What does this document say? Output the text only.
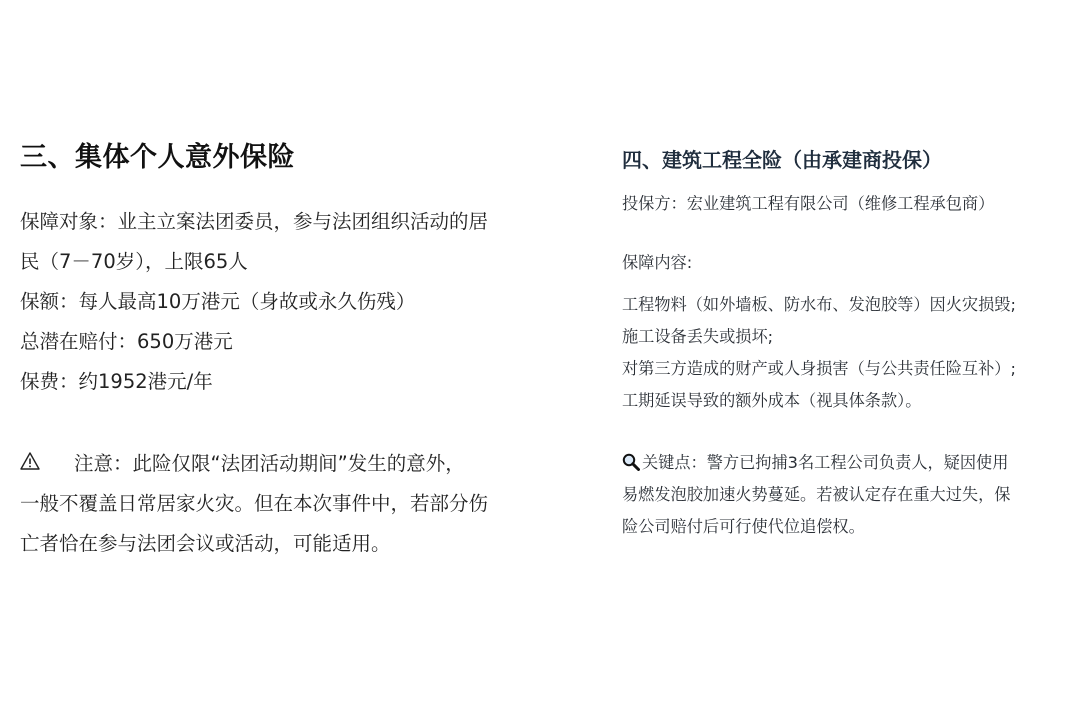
三、集体个人意外保险

保障对象：业主立案法团委员，参与法团组织活动的居

民（7－70岁），上限65人

保额：每人最高10万港元（身故或永久伤残）

总潜在赔付：650万港元

保费：约1952港元/年

注意：此险仅限“法团活动期间”发生的意外，

一般不覆盖日常居家火灾。但在本次事件中，若部分伤

亡者恰在参与法团会议或活动，可能适用。

四、建筑工程全险（由承建商投保）
投保方：宏业建筑工程有限公司（维修工程承包商）
保障内容:

工程物料（如外墙板、防水布、发泡胶等）因火灾损毁;

施工设备丢失或损坏;

对第三方造成的财产或人身损害（与公共责任险互补）;

工期延误导致的额外成本（视具体条款）。

关键点：警方已拘捕3名工程公司负责人，疑因使用

易燃发泡胶加速火势蔓延。若被认定存在重大过失，保

险公司赔付后可行使代位追偿权。
